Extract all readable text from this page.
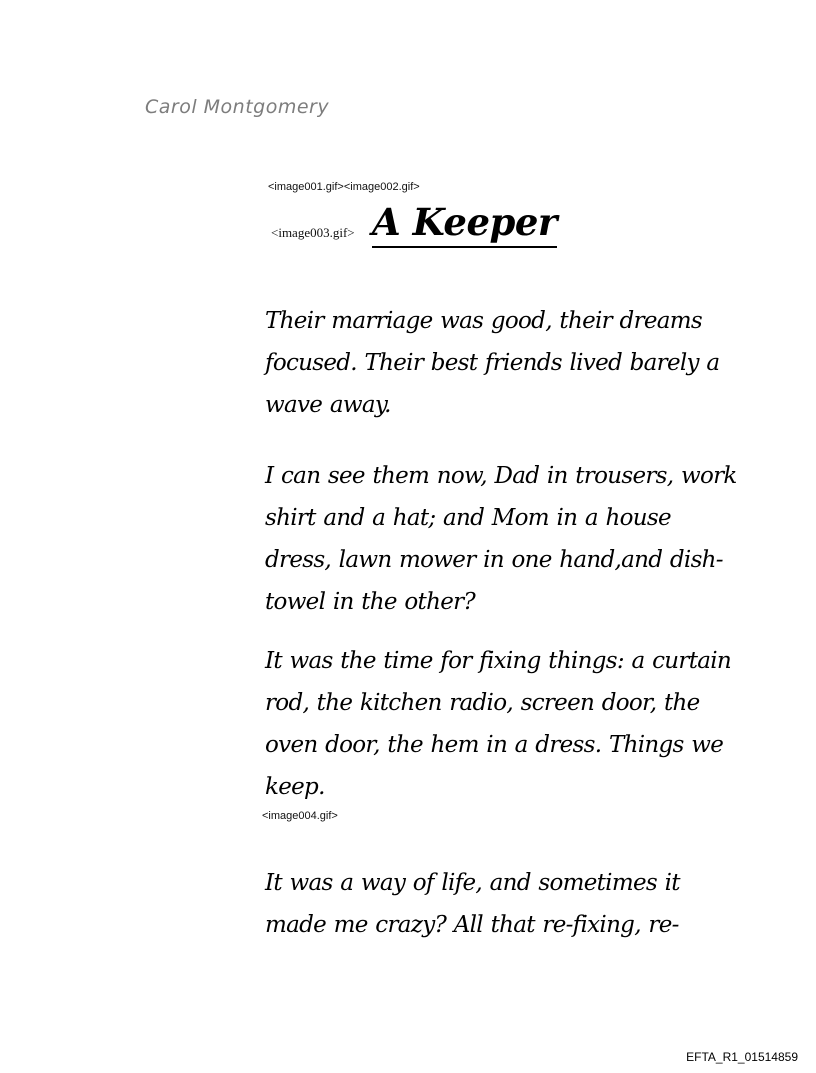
Carol Montgomery
<image001.gif><image002.gif>
<image003.gif> A Keeper

Their marriage was good, their dreams
focused. Their best friends lived barely a
wave away.

I can see them now, Dad in trousers, work
shirt and a hat; and Mom in a house
dress, lawn mower in one hand,and dish-
towel in the other?

It was the time for fixing things: a curtain
rod, the kitchen radio, screen door, the
oven door, the hem in a dress. Things we
keep.

<image004.gif>

It was a way of life, and sometimes it
made me crazy? All that re-fixing, re-

EFTA_R1_01514859
